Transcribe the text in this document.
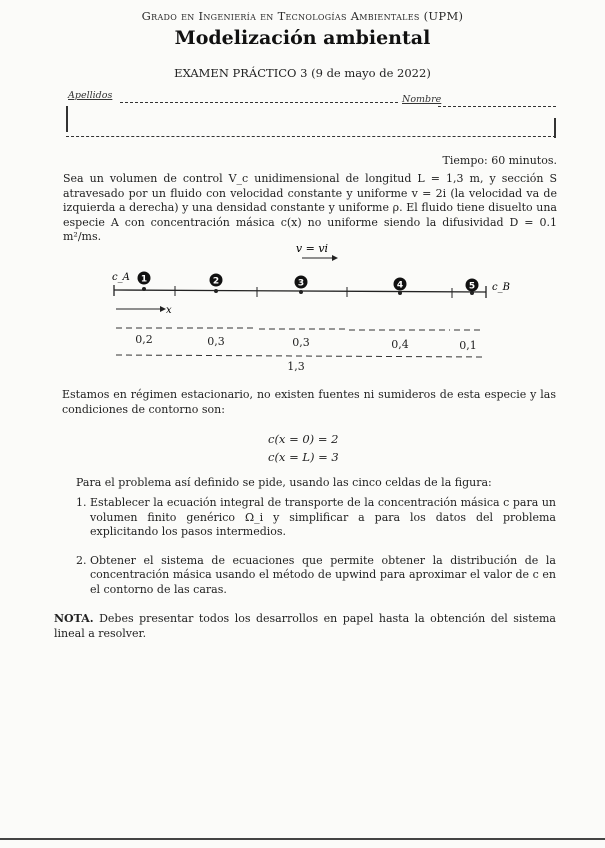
Grado en Ingeniería en Tecnologías Ambientales (UPM)
Modelización ambiental
EXAMEN PRÁCTICO 3 (9 de mayo de 2022)
Apellidos	Nombre
Tiempo: 60 minutos.
Sea un volumen de control V_c unidimensional de longitud L = 1,3 m, y sección S atravesado por un fluido con velocidad constante y uniforme v = 2i (la velocidad va de izquierda a derecha) y una densidad constante y uniforme ρ. El fluido tiene disuelto una especie A con concentración másica c(x) no uniforme siendo la difusividad D = 0.1 m²/ms.
v = vi
c_A
c_B
1	2	3	4	5
x
0,2	0,3	0,3	0,4	0,1
1,3
Estamos en régimen estacionario, no existen fuentes ni sumideros de esta especie y las condiciones de contorno son:
c(x = 0) = 2
c(x = L) = 3
Para el problema así definido se pide, usando las cinco celdas de la figura:
1. Establecer la ecuación integral de transporte de la concentración másica c para un volumen finito genérico Ω_i y simplificar a para los datos del problema explicitando los pasos intermedios.
2. Obtener el sistema de ecuaciones que permite obtener la distribución de la concentración másica usando el método de upwind para aproximar el valor de c en el contorno de las caras.
NOTA. Debes presentar todos los desarrollos en papel hasta la obtención del sistema lineal a resolver.
